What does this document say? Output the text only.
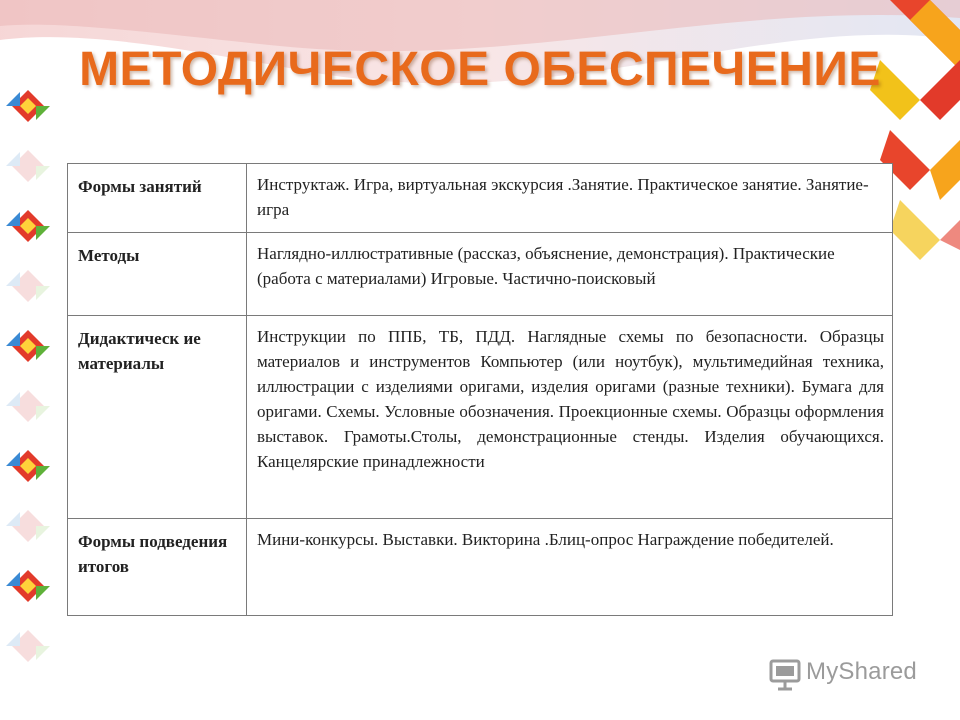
МЕТОДИЧЕСКОЕ ОБЕСПЕЧЕНИЕ
Формы занятий	Инструктаж. Игра, виртуальная экскурсия .Занятие. Практическое занятие. Занятие- игра
Методы	Наглядно-иллюстративные (рассказ, объяснение, демонстрация). Практические (работа с материалами) Игровые. Частично-поисковый
Дидактическ ие материалы	Инструкции по ППБ, ТБ, ПДД. Наглядные схемы по безопасности. Образцы материалов и инструментов Компьютер (или ноутбук), мультимедийная техника, иллюстрации с изделиями оригами, изделия оригами (разные техники). Бумага для оригами. Схемы. Условные обозначения. Проекционные схемы. Образцы оформления выставок. Грамоты.Столы, демонстрационные стенды. Изделия обучающихся. Канцелярские принадлежности
Формы подведения итогов	Мини-конкурсы. Выставки. Викторина .Блиц-опрос Награждение победителей.
MyShared
